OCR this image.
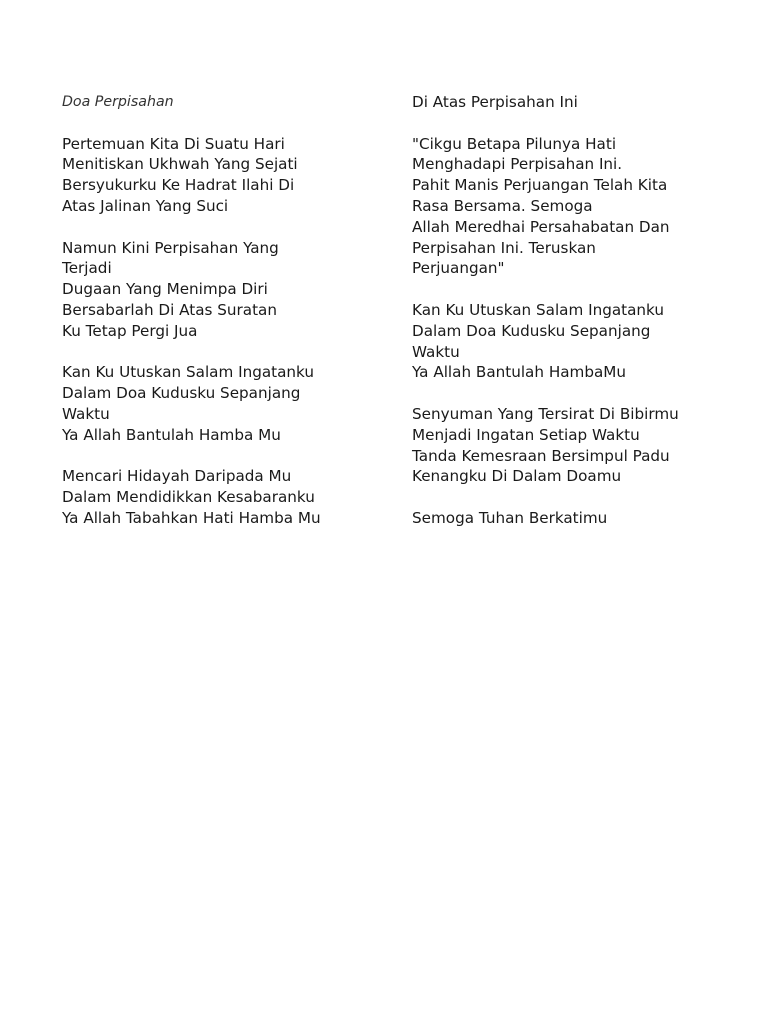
Doa Perpisahan
Pertemuan Kita Di Suatu Hari
Menitiskan Ukhwah Yang Sejati
Bersyukurku Ke Hadrat Ilahi Di
Atas Jalinan Yang Suci
Namun Kini Perpisahan Yang
Terjadi
Dugaan Yang Menimpa Diri
Bersabarlah Di Atas Suratan
Ku Tetap Pergi Jua
Kan Ku Utuskan Salam Ingatanku
Dalam Doa Kudusku Sepanjang
Waktu
Ya Allah Bantulah Hamba Mu
Mencari Hidayah Daripada Mu
Dalam Mendidikkan Kesabaranku
Ya Allah Tabahkan Hati Hamba Mu
Di Atas Perpisahan Ini
"Cikgu Betapa Pilunya Hati
Menghadapi Perpisahan Ini.
Pahit Manis Perjuangan Telah Kita
Rasa Bersama. Semoga
Allah Meredhai Persahabatan Dan
Perpisahan Ini. Teruskan
Perjuangan"
Kan Ku Utuskan Salam Ingatanku
Dalam Doa Kudusku Sepanjang
Waktu
Ya Allah Bantulah HambaMu
Senyuman Yang Tersirat Di Bibirmu
Menjadi Ingatan Setiap Waktu
Tanda Kemesraan Bersimpul Padu
Kenangku Di Dalam Doamu
Semoga Tuhan Berkatimu
